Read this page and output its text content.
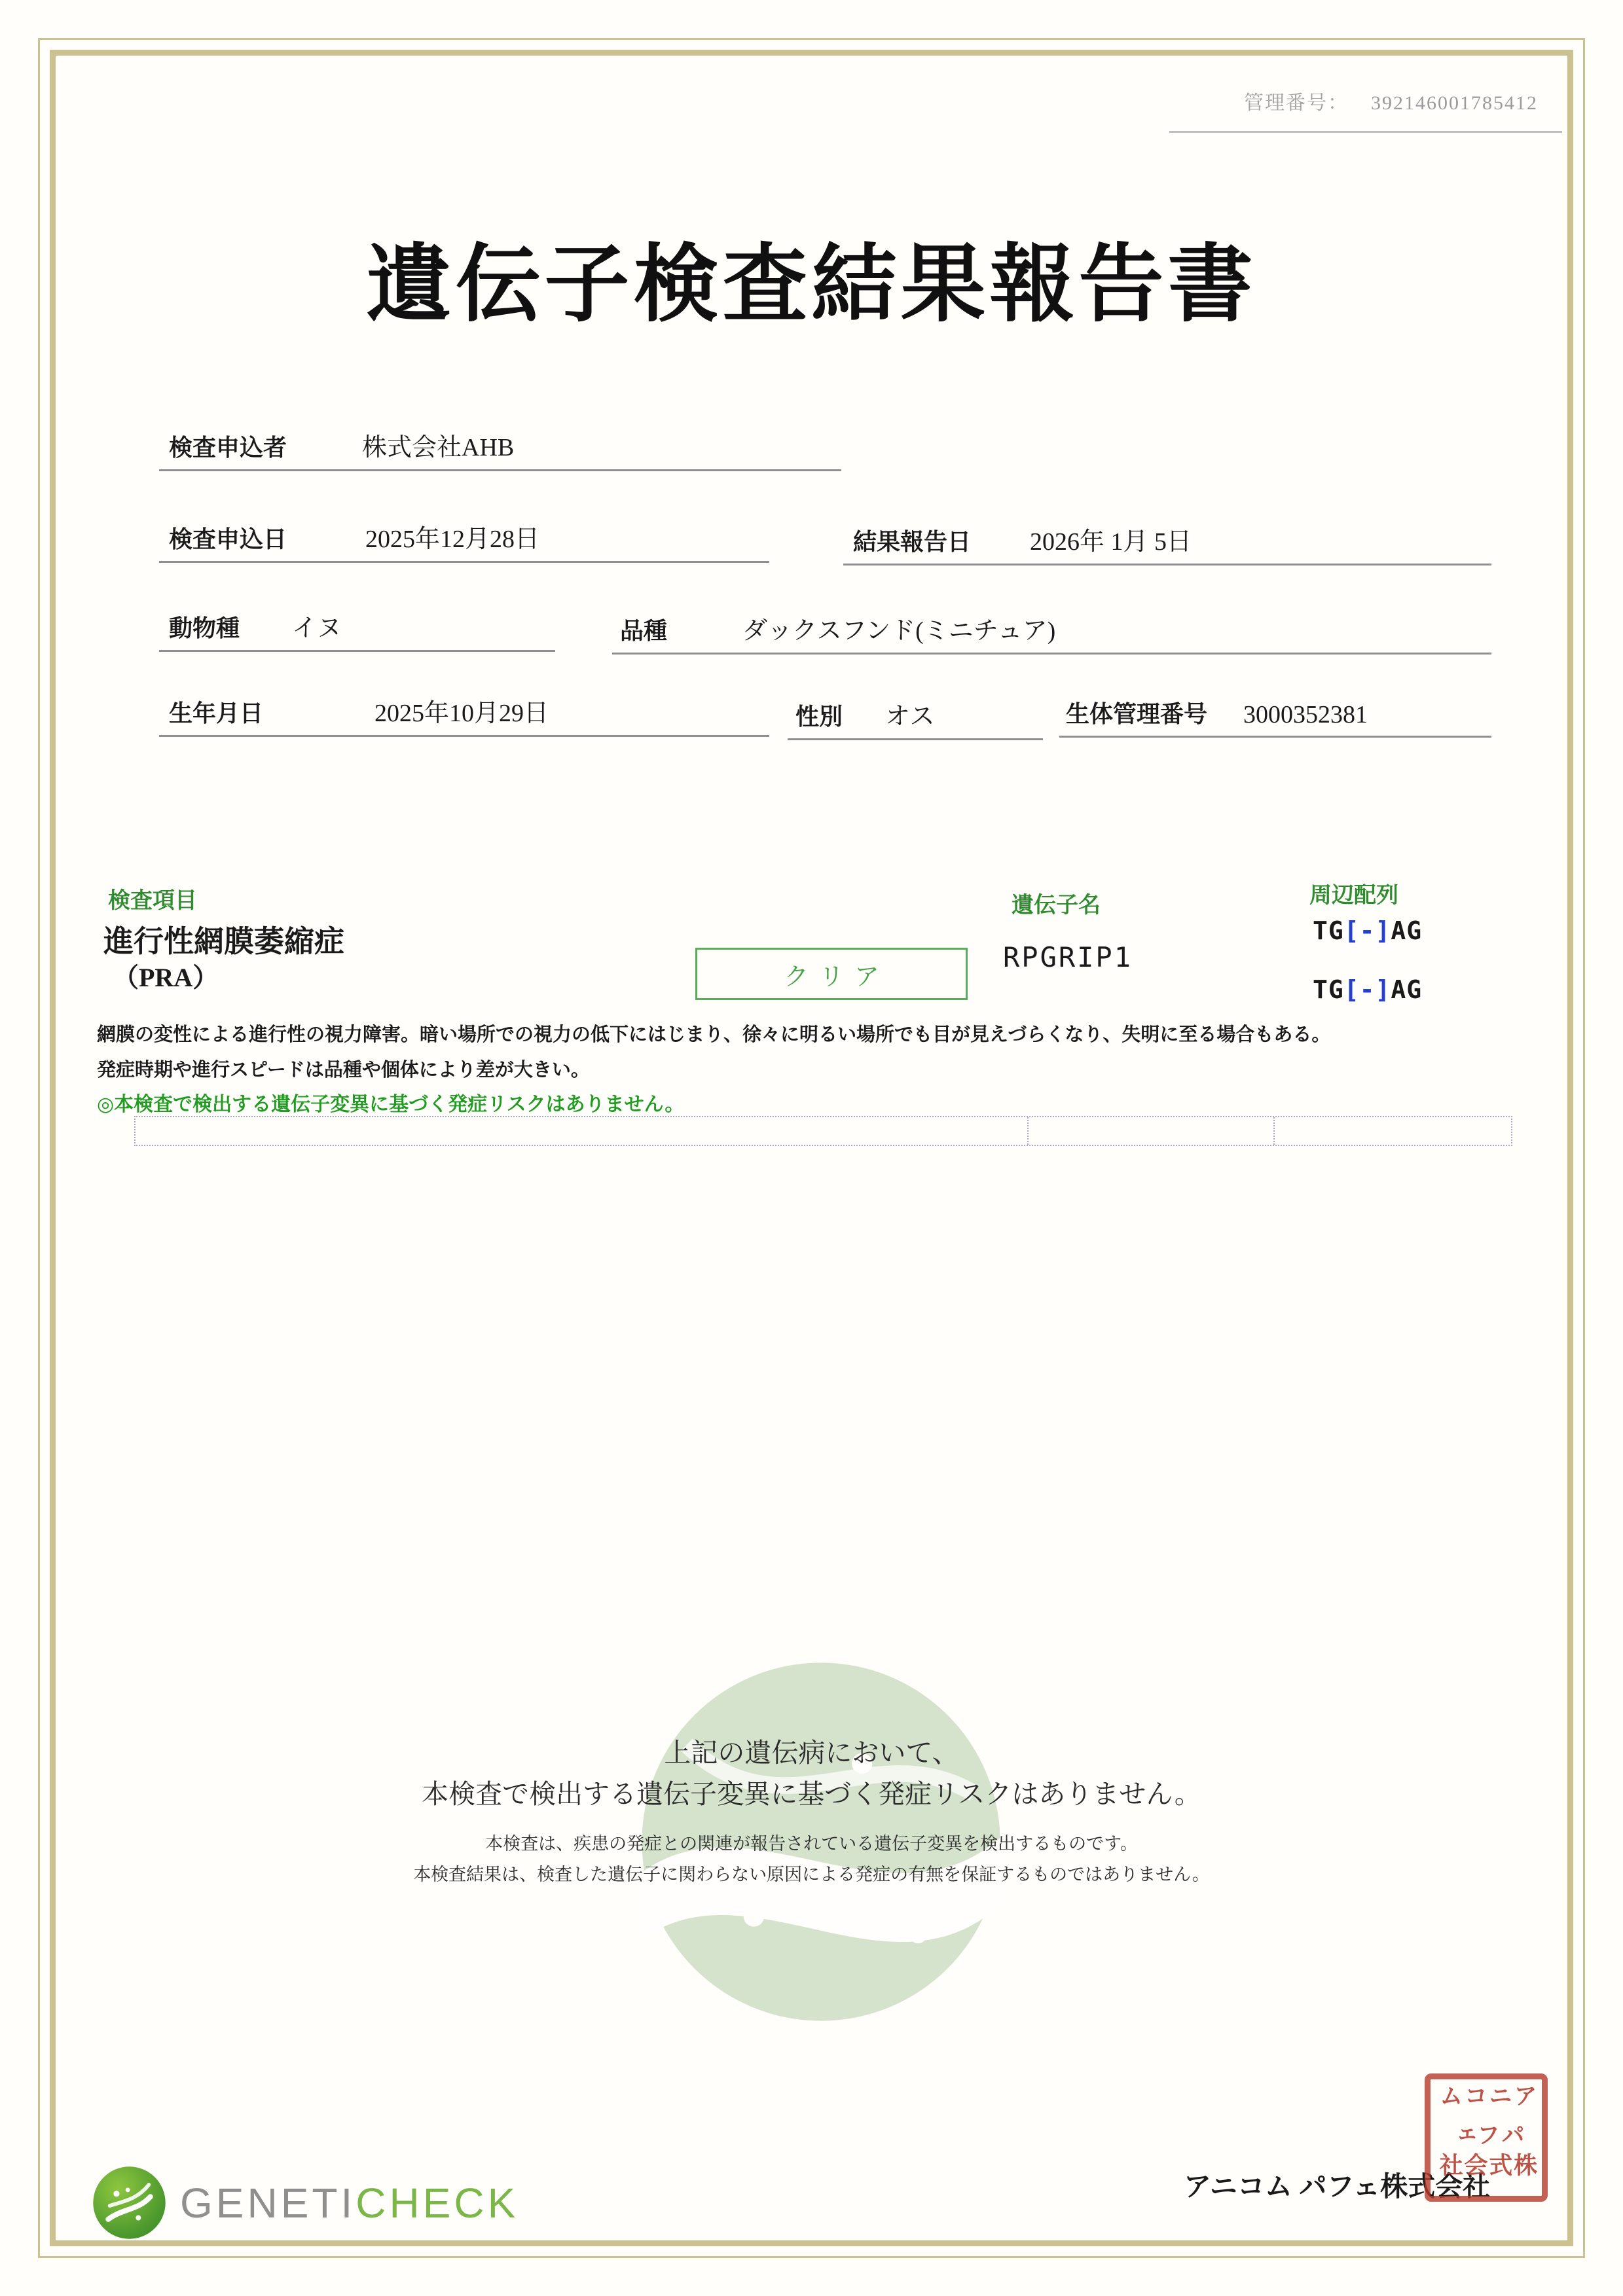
管理番号： 392146001785412
遺伝子検査結果報告書
検査申込者	株式会社AHB
検査申込日	2025年12月28日	結果報告日 2026年 1月 5日
動物種 イヌ	品種	ダックスフンド(ミニチュア)
生年月日	2025年10月29日	性別 オス	生体管理番号 3000352381
検査項目
進行性網膜萎縮症
（PRA）	クリア
遺伝子名
RPGRIP1
周辺配列
TG[-]AG
TG[-]AG
網膜の変性による進行性の視力障害。暗い場所での視力の低下にはじまり、徐々に明るい場所でも目が見えづらくなり、失明に至る場合もある。
発症時期や進行スピードは品種や個体により差が大きい。
◎本検査で検出する遺伝子変異に基づく発症リスクはありません。
上記の遺伝病において、
本検査で検出する遺伝子変異に基づく発症リスクはありません。
本検査は、疾患の発症との関連が報告されている遺伝子変異を検出するものです。
本検査結果は、検査した遺伝子に関わらない原因による発症の有無を保証するものではありません。
GENETICHECK	アニコム パフェ株式会社
アニコム
パフェ
株式会社
